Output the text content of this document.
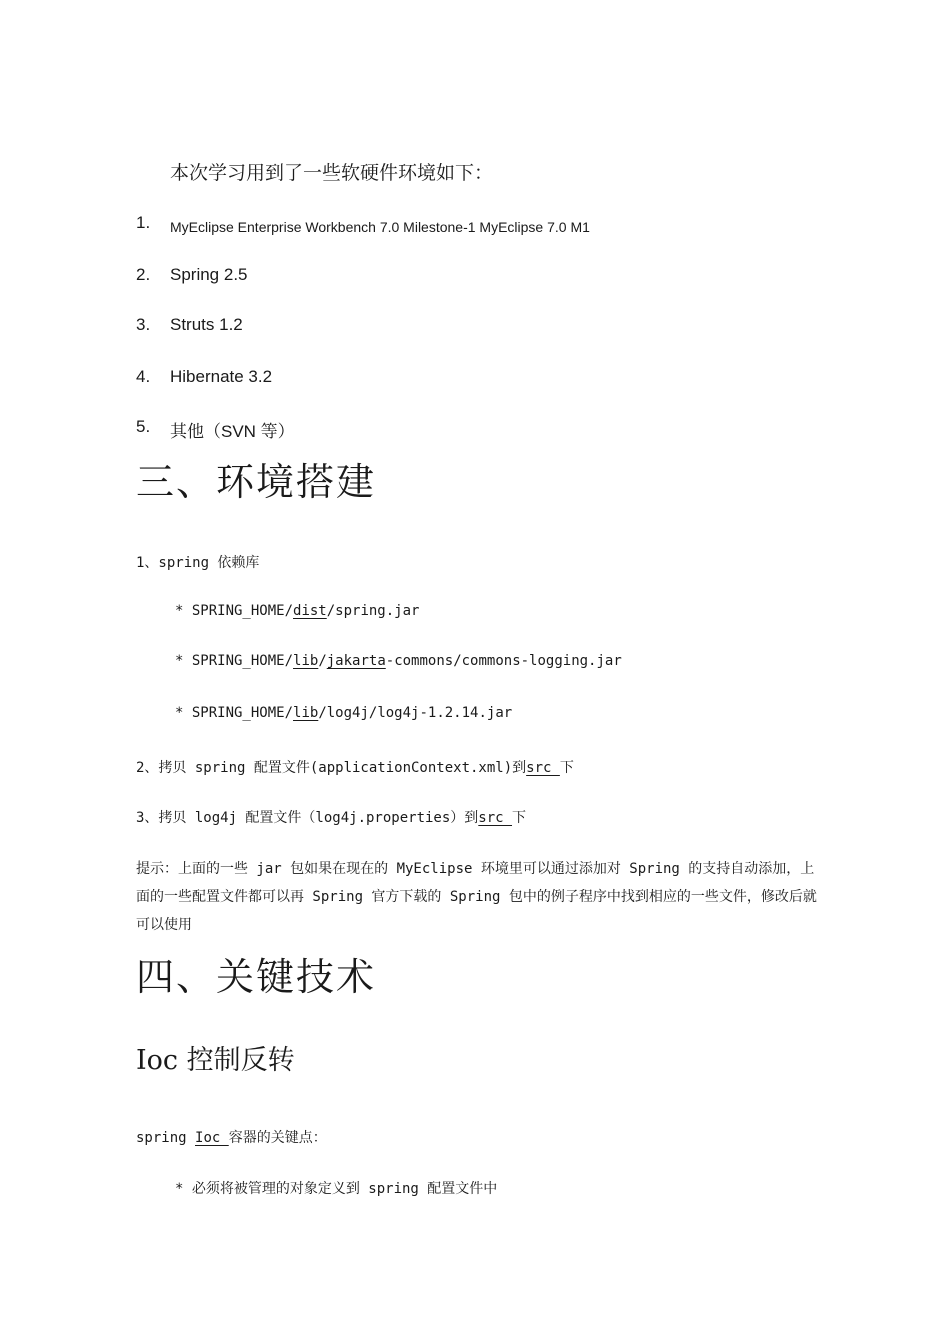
本次学习用到了一些软硬件环境如下：
1. MyEclipse Enterprise Workbench 7.0 Milestone-1 MyEclipse 7.0 M1
2. Spring 2.5
3. Struts 1.2
4. Hibernate 3.2
5. 其他（SVN 等）
三、环境搭建
1、spring 依赖库
* SPRING_HOME/dist/spring.jar
* SPRING_HOME/lib/jakarta-commons/commons-logging.jar
* SPRING_HOME/lib/log4j/log4j-1.2.14.jar
2、拷贝 spring 配置文件(applicationContext.xml)到src 下
3、拷贝 log4j 配置文件（log4j.properties）到src 下
提示：上面的一些 jar 包如果在现在的 MyEclipse 环境里可以通过添加对 Spring 的支持自动添加，上面的一些配置文件都可以再 Spring 官方下载的 Spring 包中的例子程序中找到相应的一些文件，修改后就可以使用
四、关键技术
Ioc 控制反转
spring Ioc 容器的关键点：
* 必须将被管理的对象定义到 spring 配置文件中
